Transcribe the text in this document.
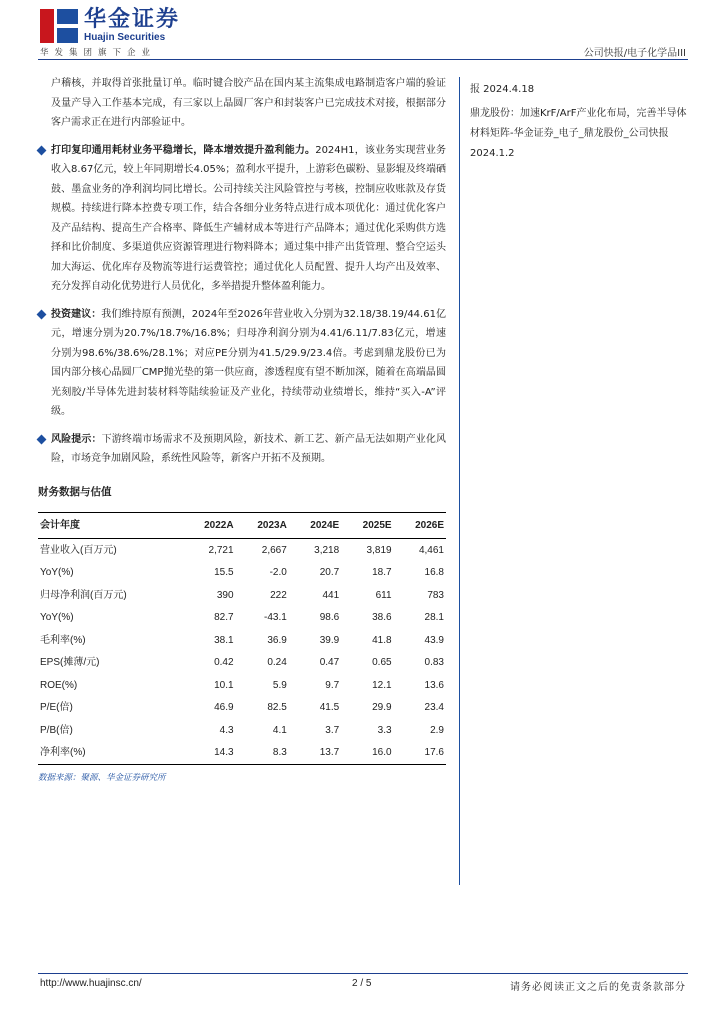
华金证券
Huajin Securities
华发集团旗下企业	公司快报/电子化学品III
户稽核，并取得首张批量订单。临时键合胶产品在国内某主流集成电路制造客户端的验证及量产导入工作基本完成，有三家以上晶圆厂客户和封装客户已完成技术对接，根据部分客户需求正在进行内部验证中。
打印复印通用耗材业务平稳增长，降本增效提升盈利能力。2024H1，该业务实现营业务收入8.67亿元，较上年同期增长4.05%；盈利水平提升，上游彩色碳粉、显影辊及终端硒鼓、墨盒业务的净利润均同比增长。公司持续关注风险管控与考核，控制应收账款及存货规模。持续进行降本控费专项工作，结合各细分业务特点进行成本项优化：通过优化客户及产品结构、提高生产合格率、降低生产辅材成本等进行产品降本；通过优化采购供方选择和比价制度、多渠道供应资源管理进行物料降本；通过集中排产出货管理、整合空运头加大海运、优化库存及物流等进行运费管控；通过优化人员配置、提升人均产出及效率、充分发挥自动化优势进行人员优化，多举措提升整体盈利能力。
投资建议：我们维持原有预测，2024年至2026年营业收入分别为32.18/38.19/44.61亿元，增速分别为20.7%/18.7%/16.8%；归母净利润分别为4.41/6.11/7.83亿元，增速分别为98.6%/38.6%/28.1%；对应PE分别为41.5/29.9/23.4倍。考虑到鼎龙股份已为国内部分核心晶圆厂CMP抛光垫的第一供应商，渗透程度有望不断加深，随着在高端晶圆光刻胶/半导体先进封装材料等陆续验证及产业化，持续带动业绩增长，维持“买入-A”评级。
风险提示：下游终端市场需求不及预期风险，新技术、新工艺、新产品无法如期产业化风险，市场竞争加剧风险，系统性风险等，新客户开拓不及预期。
财务数据与估值
会计年度	2022A	2023A	2024E	2025E	2026E
营业收入(百万元)	2,721	2,667	3,218	3,819	4,461
YoY(%)	15.5	-2.0	20.7	18.7	16.8
归母净利润(百万元)	390	222	441	611	783
YoY(%)	82.7	-43.1	98.6	38.6	28.1
毛利率(%)	38.1	36.9	39.9	41.8	43.9
EPS(摊薄/元)	0.42	0.24	0.47	0.65	0.83
ROE(%)	10.1	5.9	9.7	12.1	13.6
P/E(倍)	46.9	82.5	41.5	29.9	23.4
P/B(倍)	4.3	4.1	3.7	3.3	2.9
净利率(%)	14.3	8.3	13.7	16.0	17.6
数据来源：聚源、华金证券研究所
报 2024.4.18
鼎龙股份：加速KrF/ArF产业化布局，完善半导体材料矩阵-华金证券_电子_鼎龙股份_公司快报 2024.1.2
http://www.huajinsc.cn/	2 / 5	请务必阅读正文之后的免责条款部分
